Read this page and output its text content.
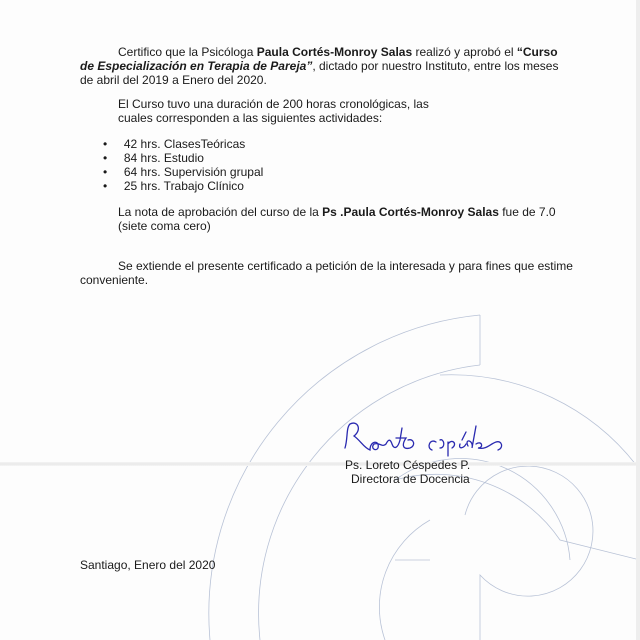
Certifico que la Psicóloga Paula Cortés-Monroy Salas realizó y aprobó el “Curso
de Especialización en Terapia de Pareja”, dictado por nuestro Instituto, entre los meses
de abril del 2019 a Enero del 2020.
El Curso tuvo una duración de 200 horas cronológicas, las
cuales corresponden a las siguientes actividades:
•     42 hrs. ClasesTeóricas
•     84 hrs. Estudio
•     64 hrs. Supervisión grupal
•     25 hrs. Trabajo Clínico
La nota de aprobación del curso de la Ps .Paula Cortés-Monroy Salas fue de 7.0
(siete coma cero)
Se extiende el presente certificado a petición de la interesada y para fines que estime
conveniente.
Ps. Loreto Céspedes P.
Directora de Docencia
Santiago, Enero del 2020
